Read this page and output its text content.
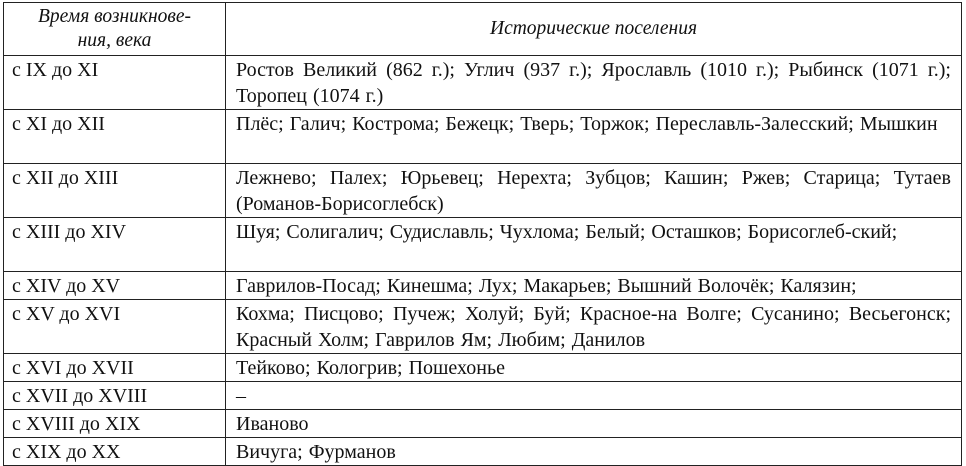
Время возникнове-
ния, века	Исторические поселения
с IX до XI	Ростов Великий (862 г.); Углич (937 г.); Ярославль (1010 г.); Рыбинск (1071 г.); Торопец (1074 г.)
с XI до XII	Плёс; Галич; Кострома; Бежецк; Тверь; Торжок; Переславль-Залесский; Мышкин
с XII до XIII	Лежнево; Палех; Юрьевец; Нерехта; Зубцов; Кашин; Ржев; Старица; Тутаев (Романов-Борисоглебск)
с XIII до XIV	Шуя; Солигалич; Судиславль; Чухлома; Белый; Осташков; Борисоглеб-ский;
с XIV до XV	Гаврилов-Посад; Кинешма; Лух; Макарьев; Вышний Волочёк; Калязин;
с XV до XVI	Кохма; Писцово; Пучеж; Холуй; Буй; Красное-на Волге; Сусанино; Весьегонск; Красный Холм; Гаврилов Ям; Любим; Данилов
с XVI до XVII	Тейково; Кологрив; Пошехонье
с XVII до XVIII	–
с XVIII до XIX	Иваново
с XIX до XX	Вичуга; Фурманов
